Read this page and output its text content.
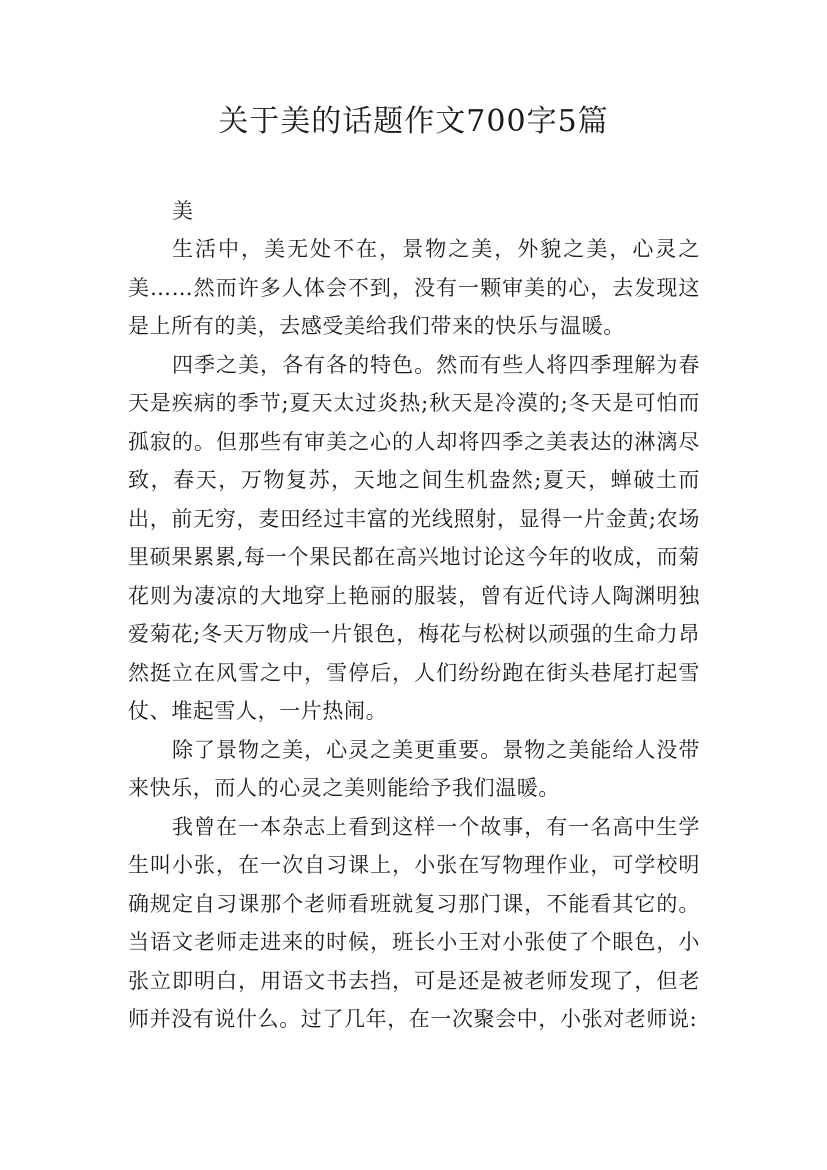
关于美的话题作文700字5篇

美

生活中，美无处不在，景物之美，外貌之美，心灵之美……然而许多人体会不到，没有一颗审美的心，去发现这是上所有的美，去感受美给我们带来的快乐与温暖。

四季之美，各有各的特色。然而有些人将四季理解为春天是疾病的季节;夏天太过炎热;秋天是冷漠的;冬天是可怕而孤寂的。但那些有审美之心的人却将四季之美表达的淋漓尽致，春天，万物复苏，天地之间生机盎然;夏天，蝉破土而出，前无穷，麦田经过丰富的光线照射，显得一片金黄;农场里硕果累累,每一个果民都在高兴地讨论这今年的收成，而菊花则为凄凉的大地穿上艳丽的服装，曾有近代诗人陶渊明独爱菊花;冬天万物成一片银色，梅花与松树以顽强的生命力昂然挺立在风雪之中，雪停后，人们纷纷跑在街头巷尾打起雪仗、堆起雪人，一片热闹。

除了景物之美，心灵之美更重要。景物之美能给人没带来快乐，而人的心灵之美则能给予我们温暖。

我曾在一本杂志上看到这样一个故事，有一名高中生学生叫小张，在一次自习课上，小张在写物理作业，可学校明确规定自习课那个老师看班就复习那门课，不能看其它的。当语文老师走进来的时候，班长小王对小张使了个眼色，小张立即明白，用语文书去挡，可是还是被老师发现了，但老师并没有说什么。过了几年，在一次聚会中，小张对老师说:
